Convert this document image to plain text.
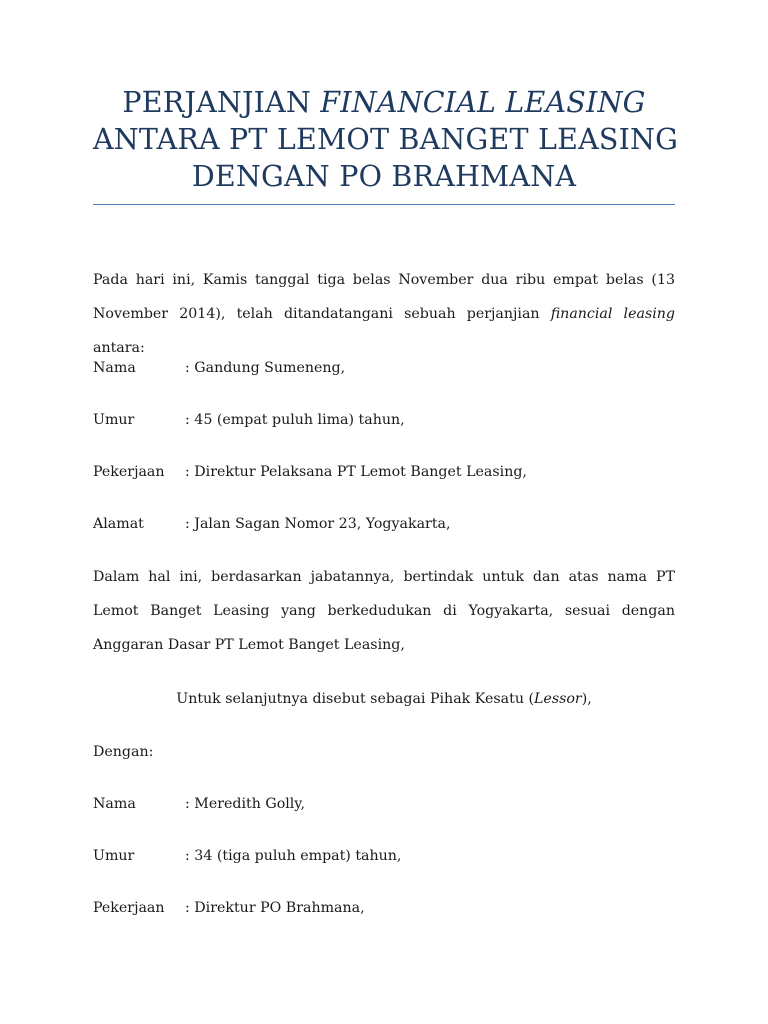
PERJANJIAN FINANCIAL LEASING
ANTARA PT LEMOT BANGET LEASING
DENGAN PO BRAHMANA

Pada hari ini, Kamis tanggal tiga belas November dua ribu empat belas (13 November 2014), telah ditandatangani sebuah perjanjian financial leasing antara:

Nama	: Gandung Sumeneng,
Umur	: 45 (empat puluh lima) tahun,
Pekerjaan : Direktur Pelaksana PT Lemot Banget Leasing,
Alamat	: Jalan Sagan Nomor 23, Yogyakarta,

Dalam hal ini, berdasarkan jabatannya, bertindak untuk dan atas nama PT Lemot Banget Leasing yang berkedudukan di Yogyakarta, sesuai dengan Anggaran Dasar PT Lemot Banget Leasing,

Untuk selanjutnya disebut sebagai Pihak Kesatu (Lessor),
Dengan:
Nama	: Meredith Golly,
Umur	: 34 (tiga puluh empat) tahun,
Pekerjaan : Direktur PO Brahmana,
